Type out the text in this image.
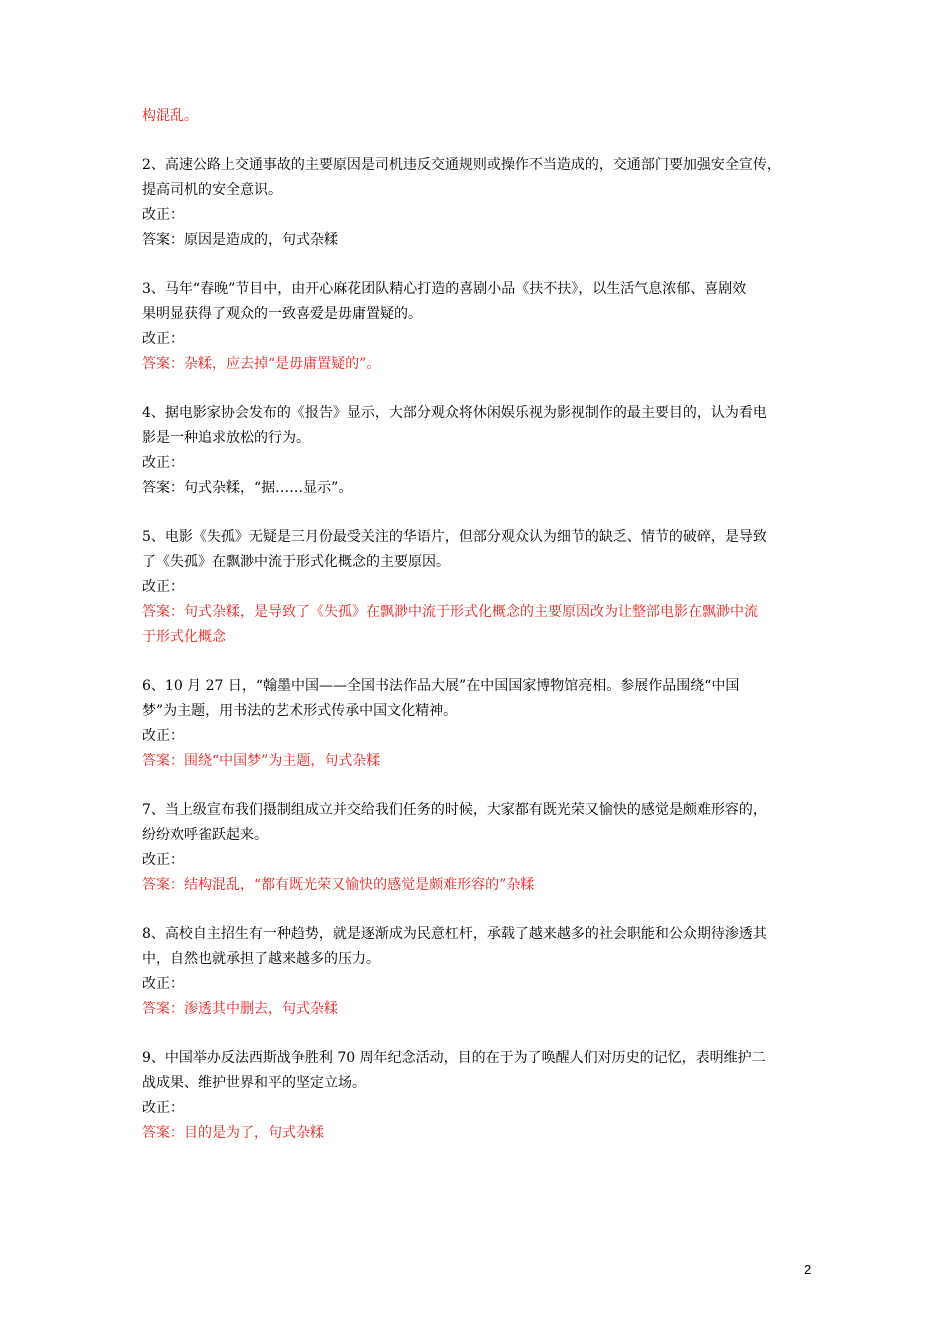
构混乱。
2、高速公路上交通事故的主要原因是司机违反交通规则或操作不当造成的，交通部门要加强安全宣传，
提高司机的安全意识。
改正：
答案：原因是造成的，句式杂糅
3、马年“春晚”节目中，由开心麻花团队精心打造的喜剧小品《扶不扶》，以生活气息浓郁、喜剧效
果明显获得了观众的一致喜爱是毋庸置疑的。
改正：
答案：杂糅，应去掉“是毋庸置疑的”。
4、据电影家协会发布的《报告》显示，大部分观众将休闲娱乐视为影视制作的最主要目的，认为看电
影是一种追求放松的行为。
改正：
答案：句式杂糅，“据……显示”。
5、电影《失孤》无疑是三月份最受关注的华语片，但部分观众认为细节的缺乏、情节的破碎，是导致
了《失孤》在飘渺中流于形式化概念的主要原因。
改正：
答案：句式杂糅，是导致了《失孤》在飘渺中流于形式化概念的主要原因改为让整部电影在飘渺中流
于形式化概念
6、10 月 27 日，“翰墨中国——全国书法作品大展”在中国国家博物馆亮相。参展作品围绕“中国
梦”为主题，用书法的艺术形式传承中国文化精神。
改正：
答案：围绕“中国梦”为主题，句式杂糅
7、当上级宣布我们摄制组成立并交给我们任务的时候，大家都有既光荣又愉快的感觉是颇难形容的，
纷纷欢呼雀跃起来。
改正：
答案：结构混乱，“都有既光荣又愉快的感觉是颇难形容的”杂糅
8、高校自主招生有一种趋势，就是逐渐成为民意杠杆，承载了越来越多的社会职能和公众期待渗透其
中，自然也就承担了越来越多的压力。
改正：
答案：渗透其中删去，句式杂糅
9、中国举办反法西斯战争胜利 70 周年纪念活动，目的在于为了唤醒人们对历史的记忆，表明维护二
战成果、维护世界和平的坚定立场。
改正：
答案：目的是为了，句式杂糅
2
